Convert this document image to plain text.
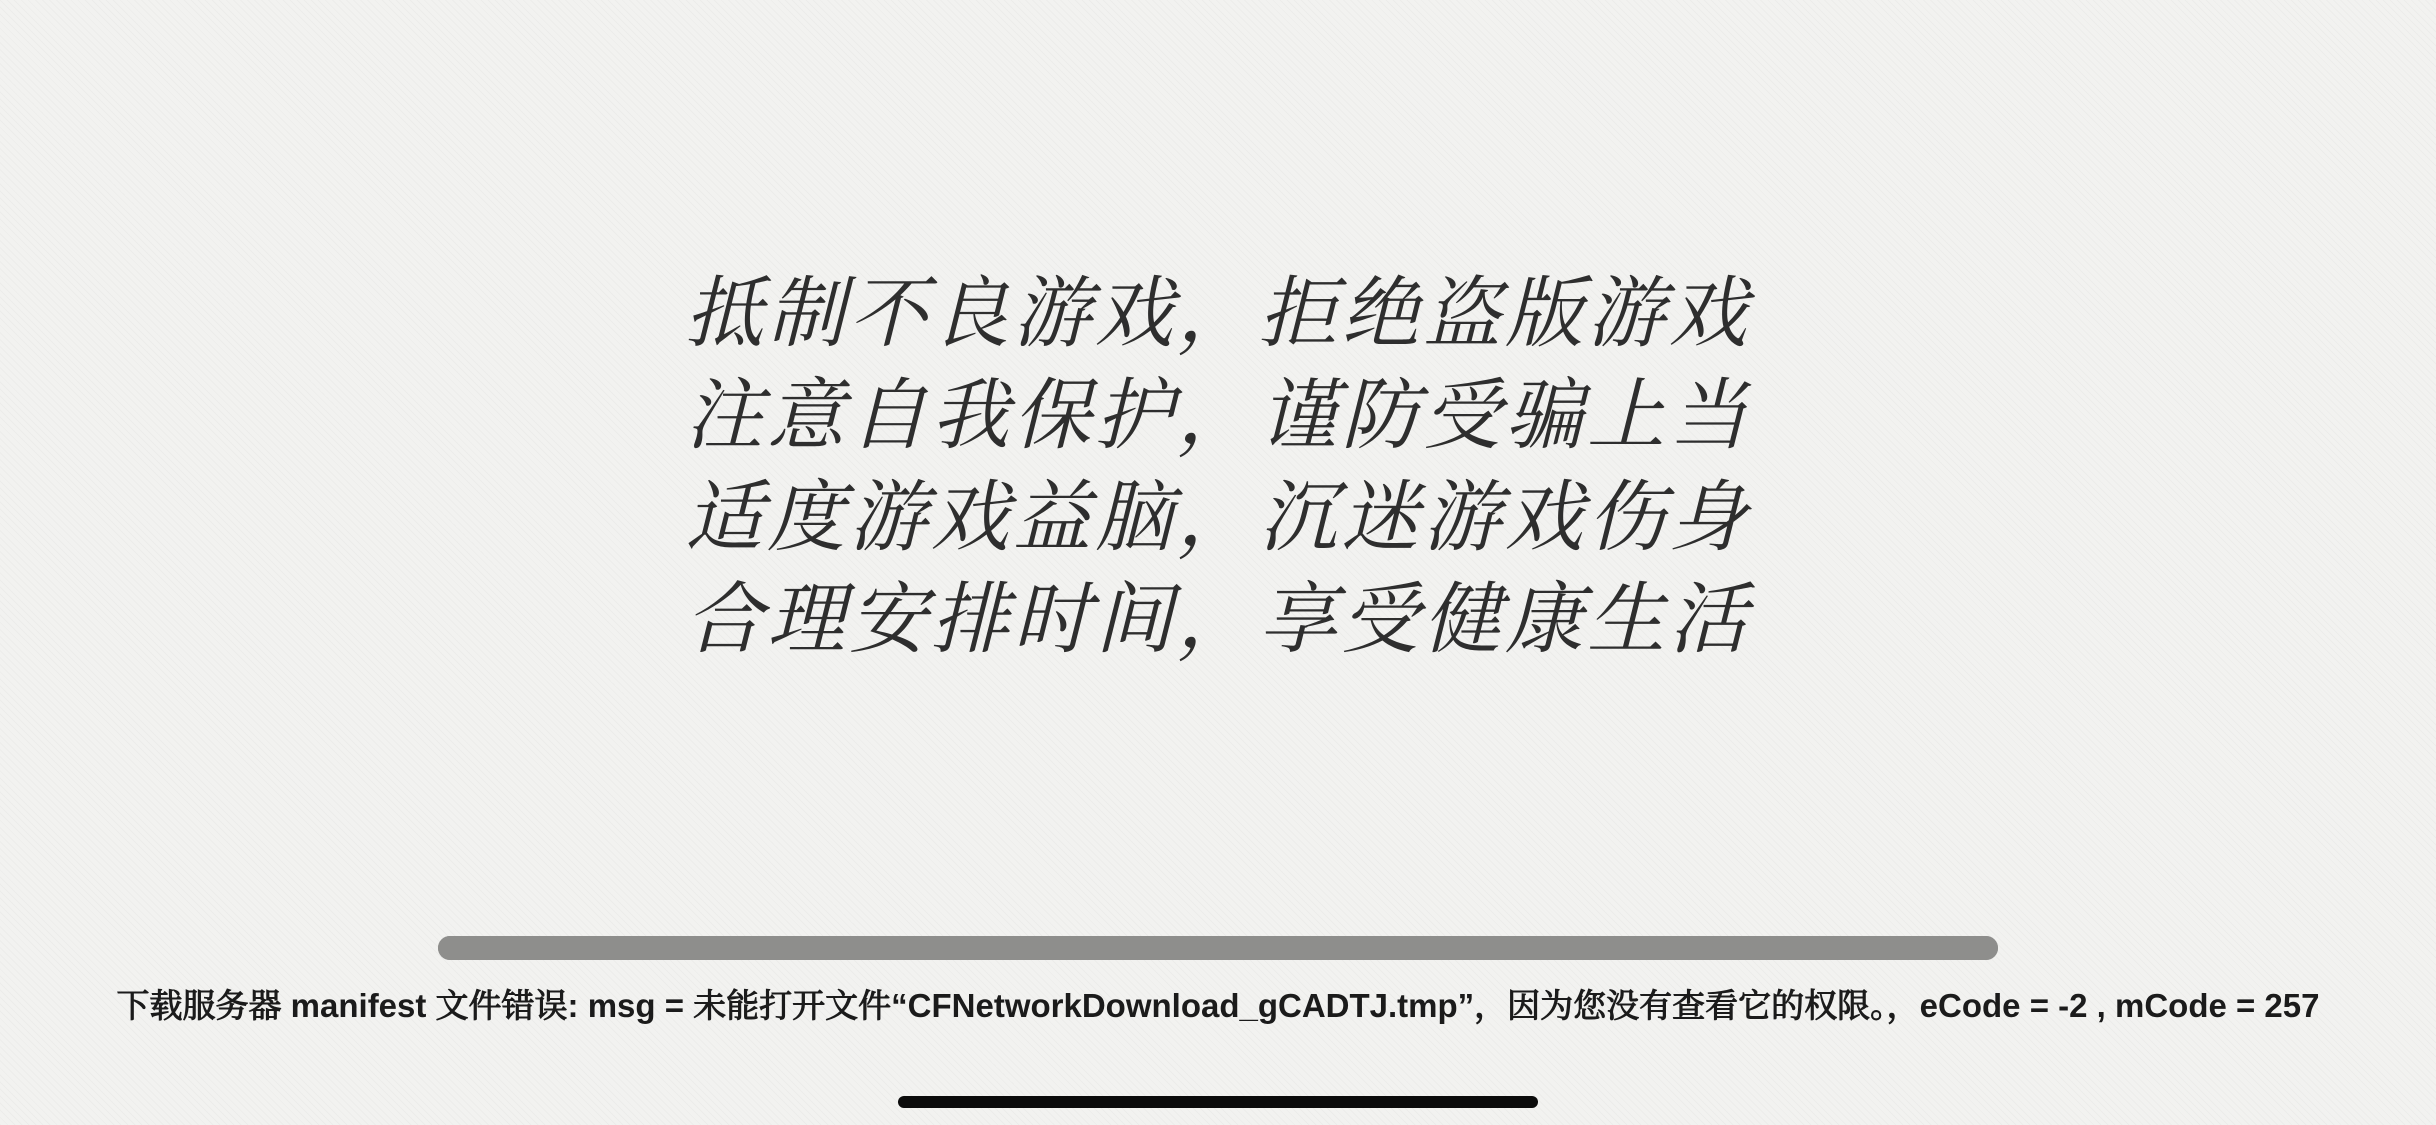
抵制不良游戏，拒绝盗版游戏
注意自我保护，谨防受骗上当
适度游戏益脑，沉迷游戏伤身
合理安排时间，享受健康生活
下载服务器 manifest 文件错误: msg = 未能打开文件“CFNetworkDownload_gCADTJ.tmp”，因为您没有查看它的权限。，eCode = -2 , mCode = 257
